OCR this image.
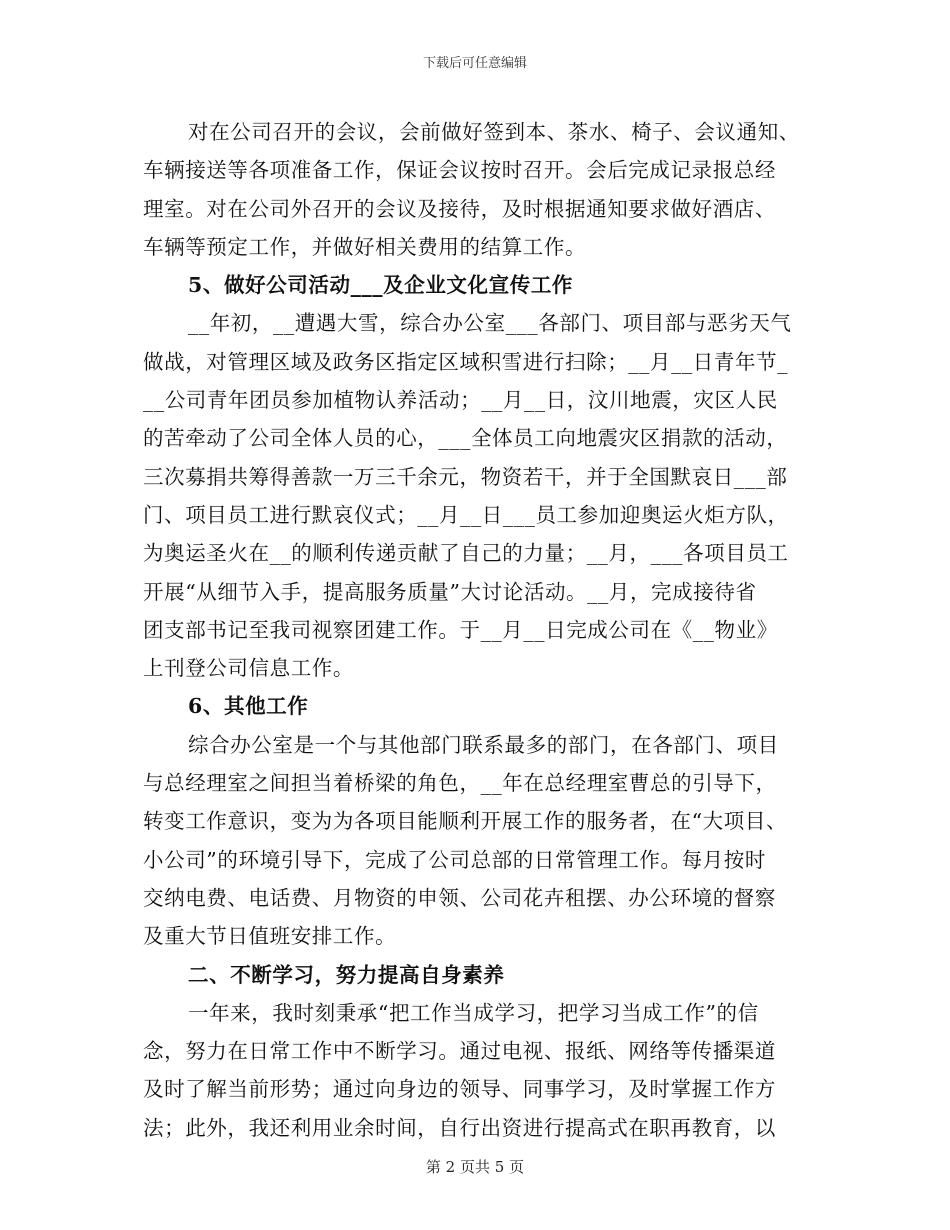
下载后可任意编辑
对在公司召开的会议，会前做好签到本、茶水、椅子、会议通知、
车辆接送等各项准备工作，保证会议按时召开。会后完成记录报总经
理室。对在公司外召开的会议及接待，及时根据通知要求做好酒店、
车辆等预定工作，并做好相关费用的结算工作。
5、做好公司活动___及企业文化宣传工作
__年初，__遭遇大雪，综合办公室___各部门、项目部与恶劣天气
做战，对管理区域及政务区指定区域积雪进行扫除；__月__日青年节_
__公司青年团员参加植物认养活动；__月__日，汶川地震，灾区人民
的苦牵动了公司全体人员的心，___全体员工向地震灾区捐款的活动，
三次募捐共筹得善款一万三千余元，物资若干，并于全国默哀日___部
门、项目员工进行默哀仪式；__月__日___员工参加迎奥运火炬方队，
为奥运圣火在__的顺利传递贡献了自己的力量；__月，___各项目员工
开展“从细节入手，提高服务质量”大讨论活动。__月，完成接待省
团支部书记至我司视察团建工作。于__月__日完成公司在《__物业》
上刊登公司信息工作。
6、其他工作
综合办公室是一个与其他部门联系最多的部门，在各部门、项目
与总经理室之间担当着桥梁的角色，__年在总经理室曹总的引导下，
转变工作意识，变为为各项目能顺利开展工作的服务者，在“大项目、
小公司”的环境引导下，完成了公司总部的日常管理工作。每月按时
交纳电费、电话费、月物资的申领、公司花卉租摆、办公环境的督察
及重大节日值班安排工作。
二、不断学习，努力提高自身素养
一年来，我时刻秉承“把工作当成学习，把学习当成工作”的信
念，努力在日常工作中不断学习。通过电视、报纸、网络等传播渠道
及时了解当前形势；通过向身边的领导、同事学习，及时掌握工作方
法；此外，我还利用业余时间，自行出资进行提高式在职再教育，以
第 2 页共 5 页
